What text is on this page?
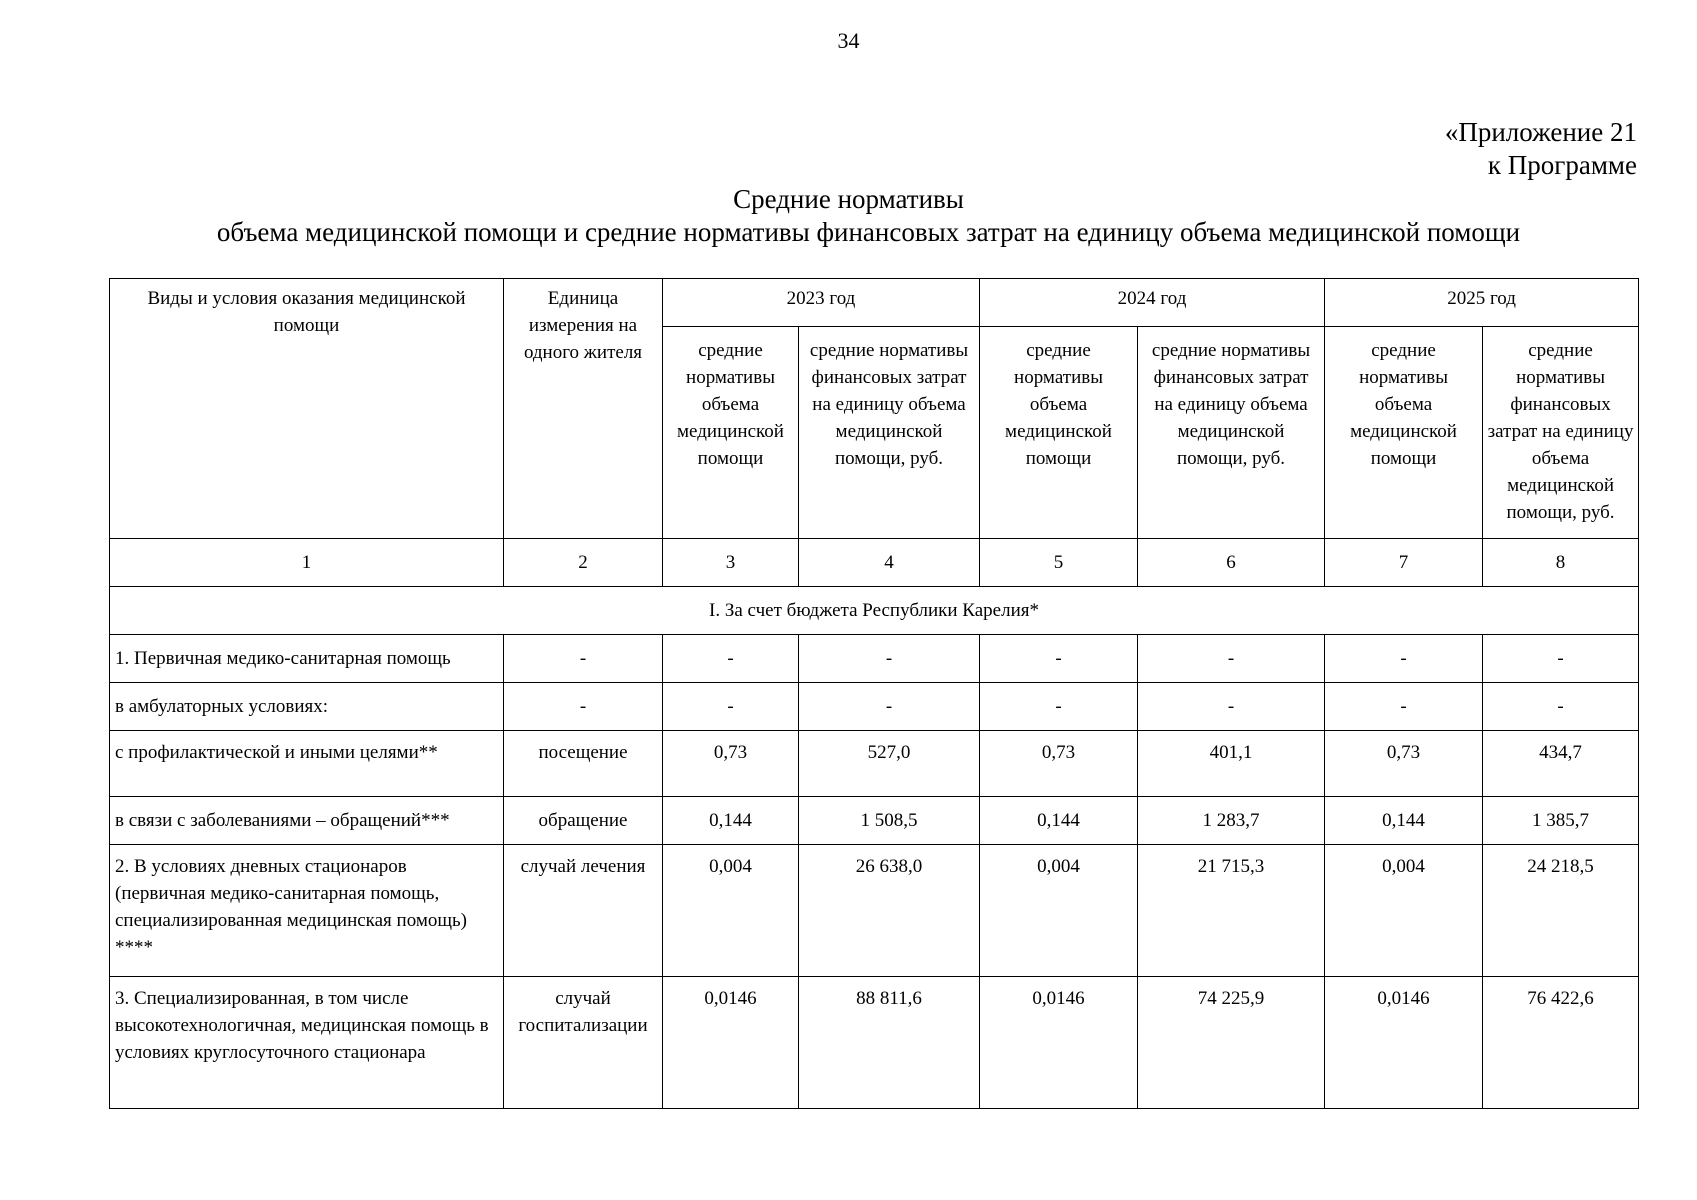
34
«Приложение 21
к Программе
Средние нормативы
объема медицинской помощи и средние нормативы финансовых затрат на единицу объема медицинской помощи
Виды и условия оказания медицинской помощи	Единица измерения на одного жителя	2023 год		2024 год		2025 год	
		средние нормативы объема медицинской помощи	средние нормативы финансовых затрат на единицу объема медицинской помощи, руб.	средние нормативы объема медицинской помощи	средние нормативы финансовых затрат на единицу объема медицинской помощи, руб.	средние нормативы объема медицинской помощи	средние нормативы финансовых затрат на единицу объема медицинской помощи, руб.
1	2	3	4	5	6	7	8
I. За счет бюджета Республики Карелия*							
1. Первичная медико-санитарная помощь	-	-	-	-	-	-	-
в амбулаторных условиях:	-	-	-	-	-	-	-
с профилактической и иными целями**	посещение	0,73	527,0	0,73	401,1	0,73	434,7
в связи с заболеваниями – обращений***	обращение	0,144	1 508,5	0,144	1 283,7	0,144	1 385,7
2. В условиях дневных стационаров (первичная медико-санитарная помощь, специализированная медицинская помощь) ****	случай лечения	0,004	26 638,0	0,004	21 715,3	0,004	24 218,5
3. Специализированная, в том числе высокотехнологичная, медицинская помощь в условиях круглосуточного стационара	случай госпитализации	0,0146	88 811,6	0,0146	74 225,9	0,0146	76 422,6
